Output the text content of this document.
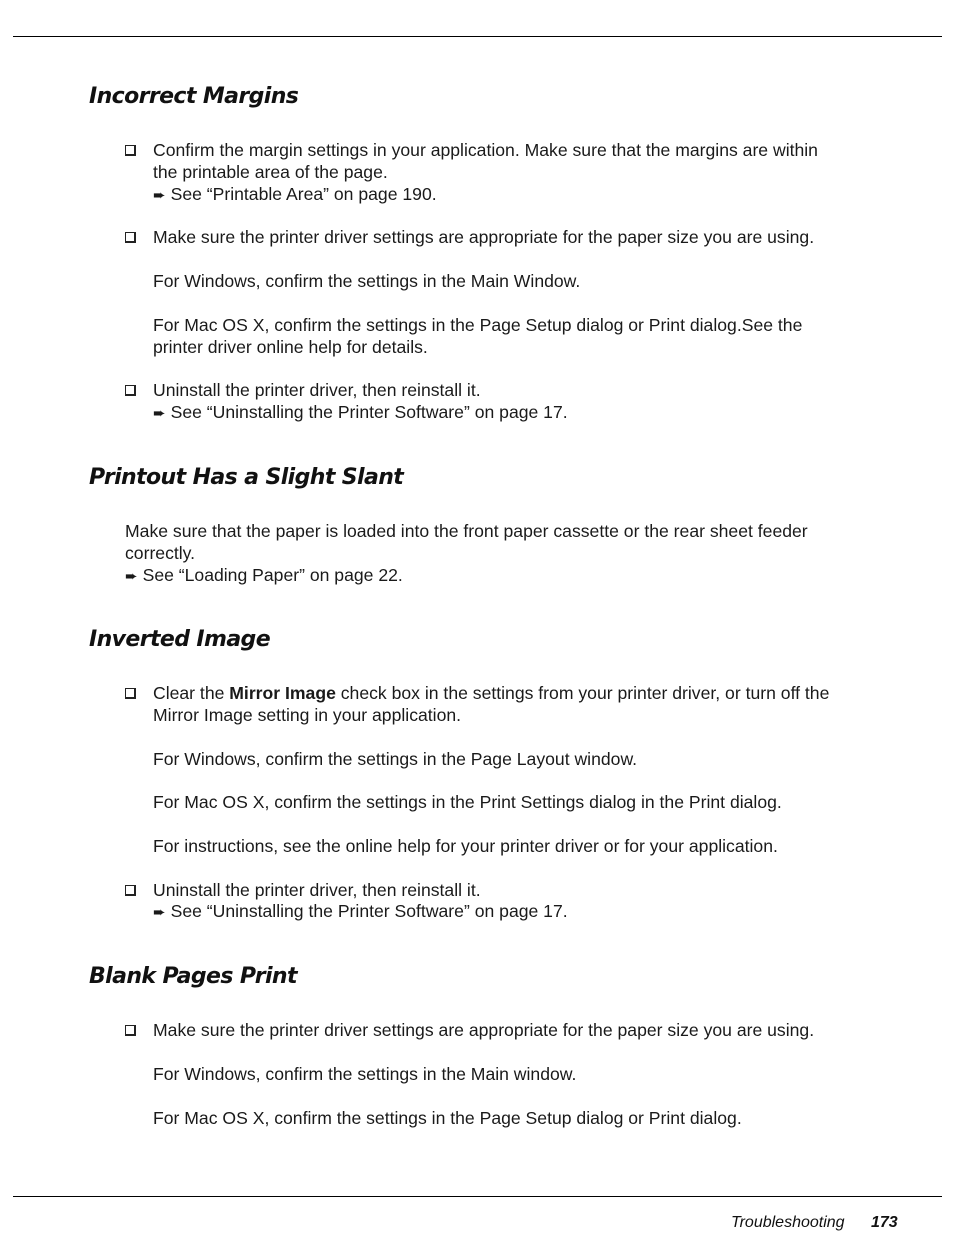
Incorrect Margins

Confirm the margin settings in your application. Make sure that the margins are within

the printable area of the page.

➨ See “Printable Area” on page 190.

Make sure the printer driver settings are appropriate for the paper size you are using.

For Windows, confirm the settings in the Main Window.

For Mac OS X, confirm the settings in the Page Setup dialog or Print dialog.See the

printer driver online help for details.

Uninstall the printer driver, then reinstall it.

➨ See “Uninstalling the Printer Software” on page 17.

Printout Has a Slight Slant

Make sure that the paper is loaded into the front paper cassette or the rear sheet feeder

correctly.

➨ See “Loading Paper” on page 22.

Inverted Image

Clear the Mirror Image check box in the settings from your printer driver, or turn off the

Mirror Image setting in your application.

For Windows, confirm the settings in the Page Layout window.

For Mac OS X, confirm the settings in the Print Settings dialog in the Print dialog.

For instructions, see the online help for your printer driver or for your application.

Uninstall the printer driver, then reinstall it.

➨ See “Uninstalling the Printer Software” on page 17.

Blank Pages Print

Make sure the printer driver settings are appropriate for the paper size you are using.

For Windows, confirm the settings in the Main window.

For Mac OS X, confirm the settings in the Page Setup dialog or Print dialog.

Troubleshooting 173
